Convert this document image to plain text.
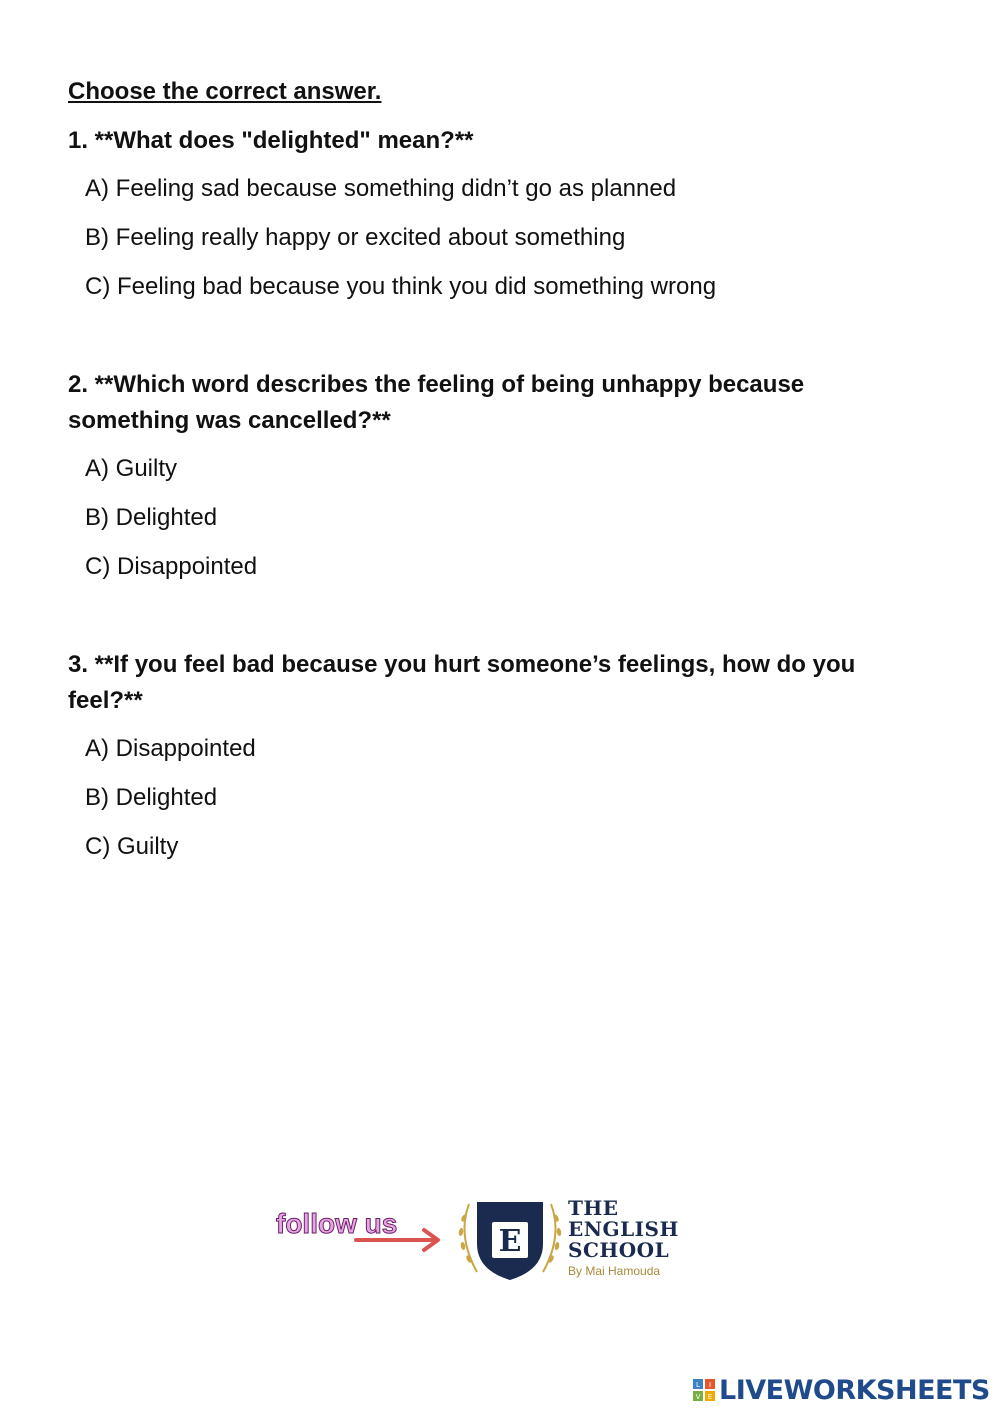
Choose the correct answer.
1. **What does "delighted" mean?**
A) Feeling sad because something didn’t go as planned
B) Feeling really happy or excited about something
C) Feeling bad because you think you did something wrong
2. **Which word describes the feeling of being unhappy because something was cancelled?**
A) Guilty
B) Delighted
C) Disappointed
3. **If you feel bad because you hurt someone’s feelings, how do you feel?**
A) Disappointed
B) Delighted
C) Guilty
follow us
E
THE
ENGLISH
SCHOOL
By Mai Hamouda
L I
V E LIVEWORKSHEETS
